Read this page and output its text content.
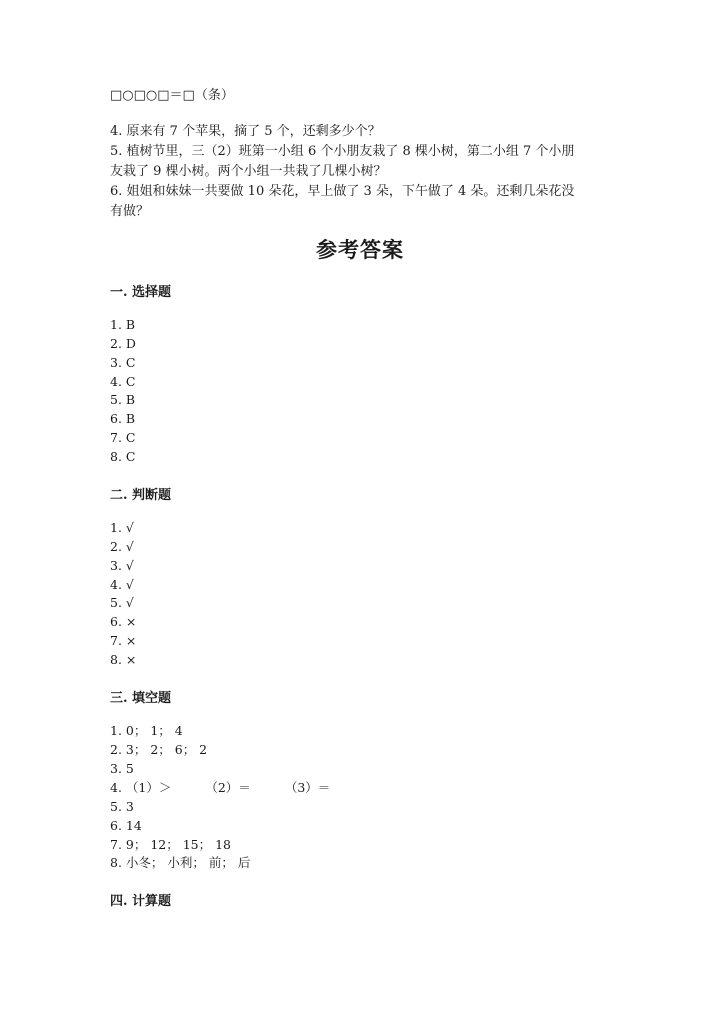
□○□○□＝□（条）
4. 原来有 7 个苹果，摘了 5 个，还剩多少个？
5. 植树节里，三（2）班第一小组 6 个小朋友栽了 8 棵小树，第二小组 7 个小朋
友栽了 9 棵小树。两个小组一共栽了几棵小树？
6. 姐姐和妹妹一共要做 10 朵花，早上做了 3 朵，下午做了 4 朵。还剩几朵花没
有做？
参考答案
一. 选择题
1. B
2. D
3. C
4. C
5. B
6. B
7. C
8. C
二. 判断题
1. √
2. √
3. √
4. √
5. √
6. ×
7. ×
8. ×
三. 填空题
1. 0； 1； 4
2. 3； 2； 6； 2
3. 5
4. （1）＞	（2）＝	（3）＝
5. 3
6. 14
7. 9； 12； 15； 18
8. 小冬； 小利； 前； 后
四. 计算题
